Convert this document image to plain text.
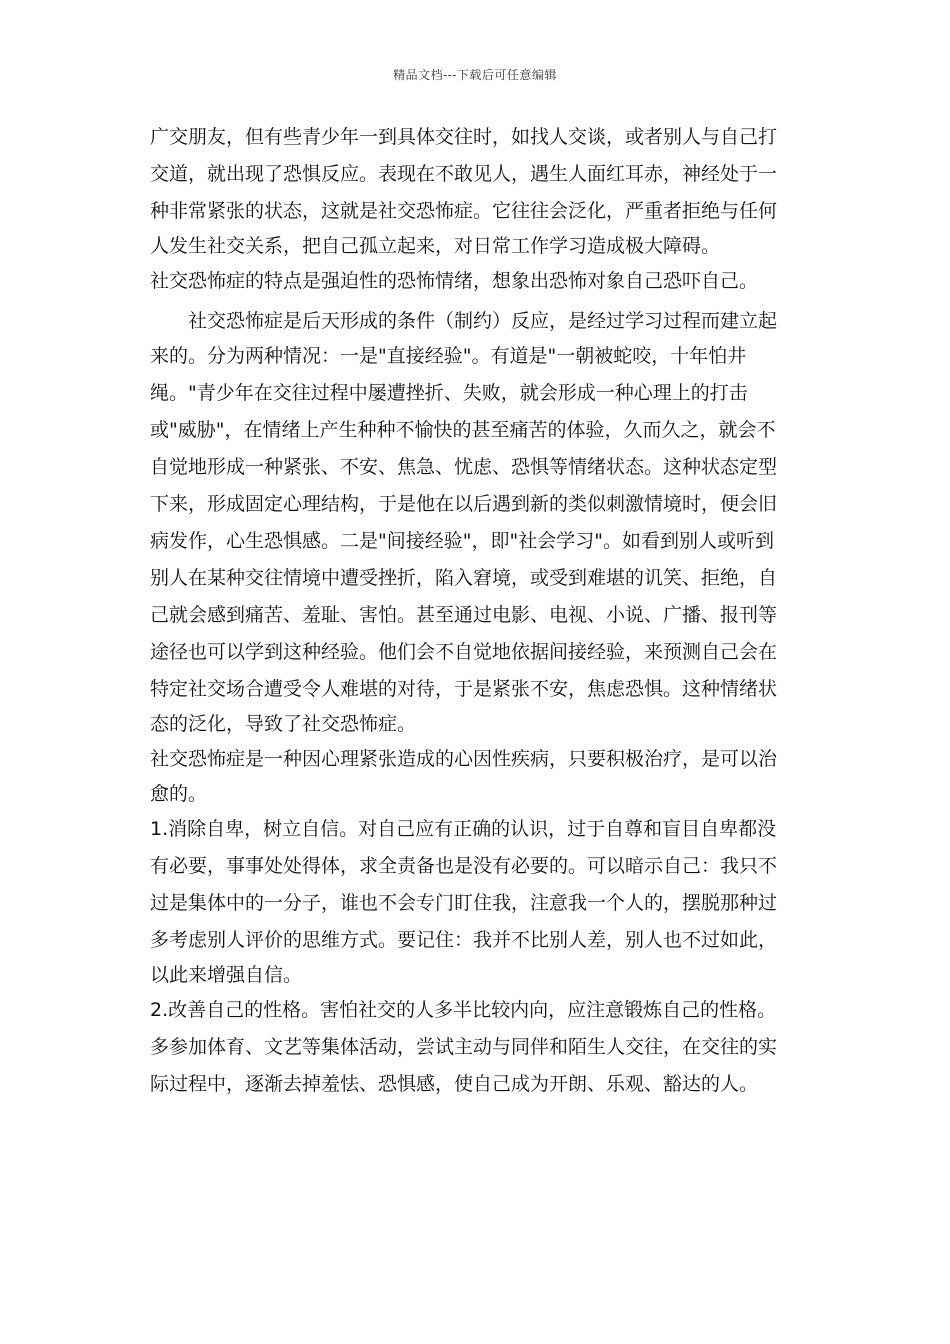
精品文档---下载后可任意编辑
广交朋友，但有些青少年一到具体交往时，如找人交谈，或者别人与自己打
交道，就出现了恐惧反应。表现在不敢见人，遇生人面红耳赤，神经处于一
种非常紧张的状态，这就是社交恐怖症。它往往会泛化，严重者拒绝与任何
人发生社交关系，把自己孤立起来，对日常工作学习造成极大障碍。
社交恐怖症的特点是强迫性的恐怖情绪，想象出恐怖对象自己恐吓自己。
　　社交恐怖症是后天形成的条件（制约）反应，是经过学习过程而建立起
来的。分为两种情况：一是"直接经验"。有道是"一朝被蛇咬，十年怕井
绳。"青少年在交往过程中屡遭挫折、失败，就会形成一种心理上的打击
或"威胁"，在情绪上产生种种不愉快的甚至痛苦的体验，久而久之，就会不
自觉地形成一种紧张、不安、焦急、忧虑、恐惧等情绪状态。这种状态定型
下来，形成固定心理结构，于是他在以后遇到新的类似刺激情境时，便会旧
病发作，心生恐惧感。二是"间接经验"，即"社会学习"。如看到别人或听到
别人在某种交往情境中遭受挫折，陷入窘境，或受到难堪的讥笑、拒绝，自
己就会感到痛苦、羞耻、害怕。甚至通过电影、电视、小说、广播、报刊等
途径也可以学到这种经验。他们会不自觉地依据间接经验，来预测自己会在
特定社交场合遭受令人难堪的对待，于是紧张不安，焦虑恐惧。这种情绪状
态的泛化，导致了社交恐怖症。
社交恐怖症是一种因心理紧张造成的心因性疾病，只要积极治疗，是可以治
愈的。
1.消除自卑，树立自信。对自己应有正确的认识，过于自尊和盲目自卑都没
有必要，事事处处得体，求全责备也是没有必要的。可以暗示自己：我只不
过是集体中的一分子，谁也不会专门盯住我，注意我一个人的，摆脱那种过
多考虑别人评价的思维方式。要记住：我并不比别人差，别人也不过如此，
以此来增强自信。
2.改善自己的性格。害怕社交的人多半比较内向，应注意锻炼自己的性格。
多参加体育、文艺等集体活动，尝试主动与同伴和陌生人交往，在交往的实
际过程中，逐渐去掉羞怯、恐惧感，使自己成为开朗、乐观、豁达的人。
